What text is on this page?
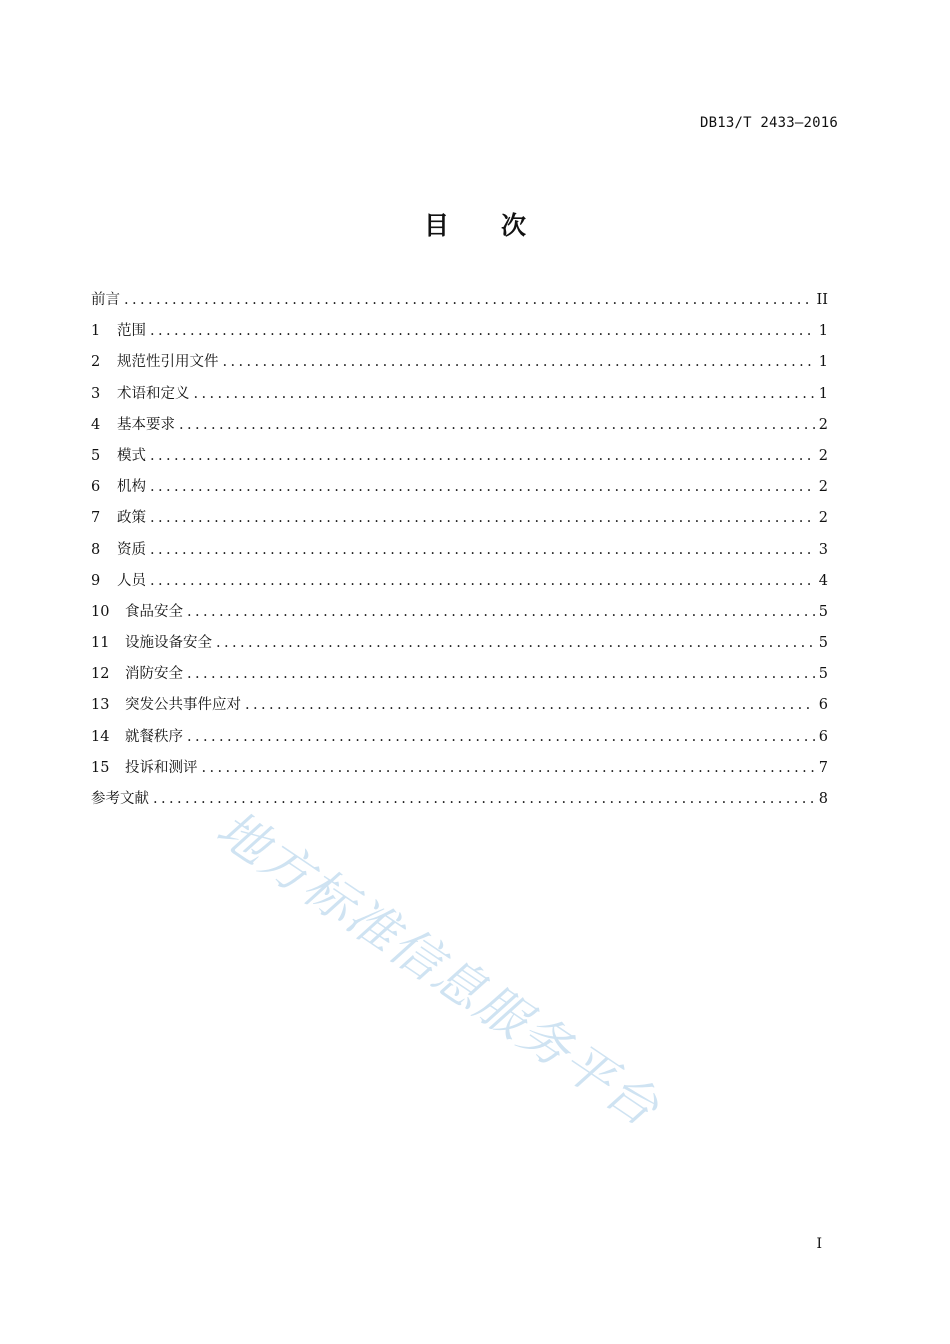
DB13/T 2433—2016
目 次
前言 .....	II
1	范围 .....	1
2	规范性引用文件 .....	1
3	术语和定义 .....	1
4	基本要求 .....	2
5	模式 .....	2
6	机构 .....	2
7	政策 .....	2
8	资质 .....	3
9	人员 .....	4
10	食品安全 .....	5
11	设施设备安全 .....	5
12	消防安全 .....	5
13	突发公共事件应对 .....	6
14	就餐秩序 .....	6
15	投诉和测评 .....	7
参考文献 .....	8
地方标准信息服务平台
I
